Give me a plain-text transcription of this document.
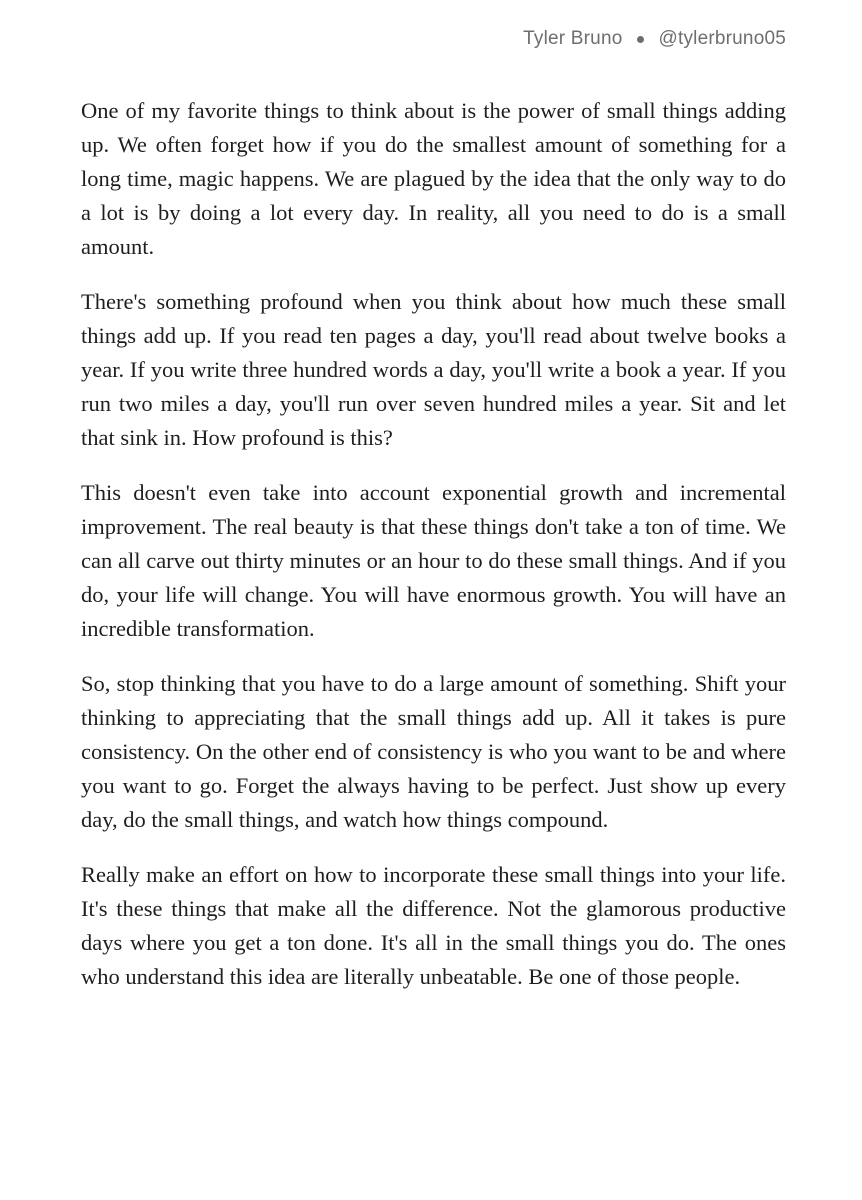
Tyler Bruno @tylerbruno05

One of my favorite things to think about is the power of small things adding up. We often forget how if you do the smallest amount of something for a long time, magic happens. We are plagued by the idea that the only way to do a lot is by doing a lot every day. In reality, all you need to do is a small amount.

There's something profound when you think about how much these small things add up. If you read ten pages a day, you'll read about twelve books a year. If you write three hundred words a day, you'll write a book a year. If you run two miles a day, you'll run over seven hundred miles a year. Sit and let that sink in. How profound is this?

This doesn't even take into account exponential growth and incremental improvement. The real beauty is that these things don't take a ton of time. We can all carve out thirty minutes or an hour to do these small things. And if you do, your life will change. You will have enormous growth. You will have an incredible transformation.

So, stop thinking that you have to do a large amount of something. Shift your thinking to appreciating that the small things add up. All it takes is pure consistency. On the other end of consistency is who you want to be and where you want to go. Forget the always having to be perfect. Just show up every day, do the small things, and watch how things compound.

Really make an effort on how to incorporate these small things into your life. It's these things that make all the difference. Not the glamorous productive days where you get a ton done. It's all in the small things you do. The ones who understand this idea are literally unbeatable. Be one of those people.
